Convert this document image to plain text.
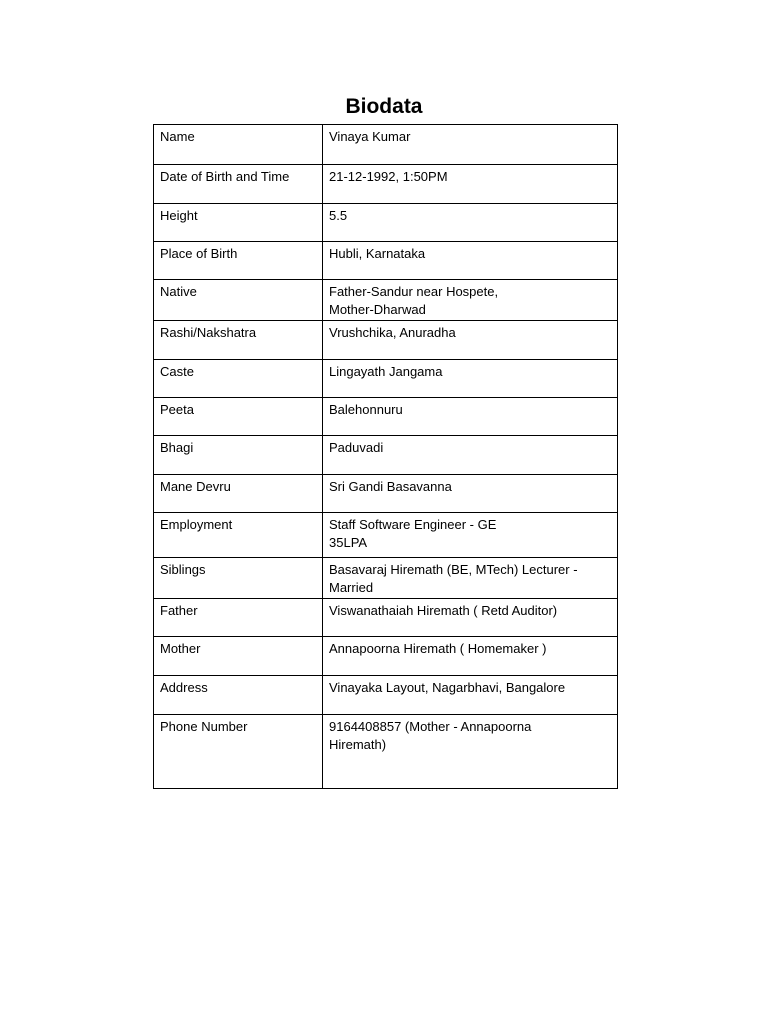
Biodata
Name	Vinaya Kumar

Date of Birth and Time	21-12-1992, 1:50PM

Height	5.5

Place of Birth	Hubli, Karnataka

Native	Father-Sandur near Hospete,
Mother-Dharwad

Rashi/Nakshatra	Vrushchika, Anuradha

Caste	Lingayath Jangama

Peeta	Balehonnuru

Bhagi	Paduvadi

Mane Devru	Sri Gandi Basavanna

Employment	Staff Software Engineer - GE
35LPA

Siblings	Basavaraj Hiremath (BE, MTech) Lecturer -
Married

Father	Viswanathaiah Hiremath ( Retd Auditor)

Mother	Annapoorna Hiremath ( Homemaker )

Address	Vinayaka Layout, Nagarbhavi, Bangalore

Phone Number	9164408857 (Mother - Annapoorna
Hiremath)
